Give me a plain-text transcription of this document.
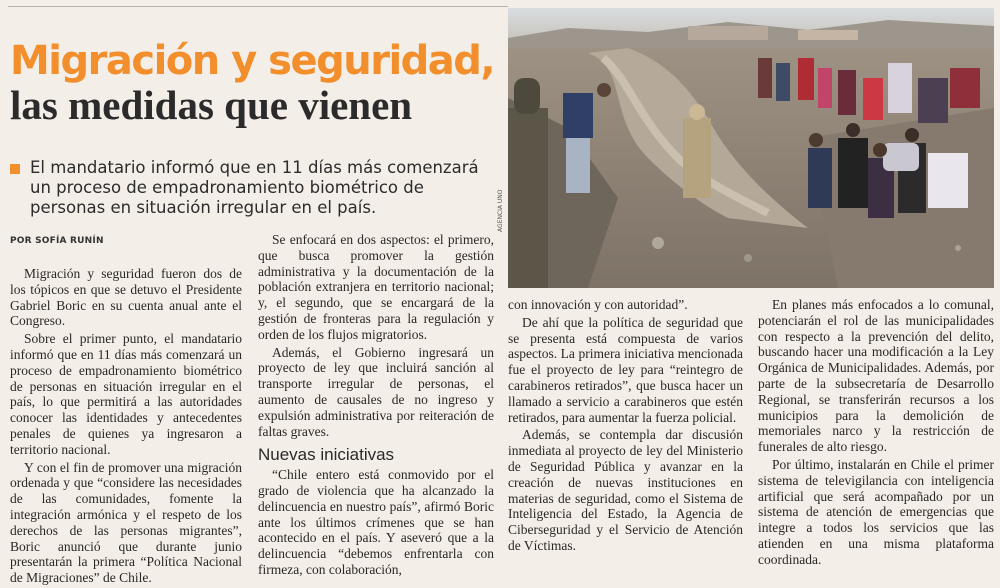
Migración y seguridad, las medidas que vienen

El mandatario informó que en 11 días más comenzará un proceso de empadronamiento biométrico de personas en situación irregular en el país.

POR SOFÍA RUNÍN
AGENCIA UNO

Migración y seguridad fueron dos de los tópicos en que se detuvo el Presidente Gabriel Boric en su cuenta anual ante el Congreso.

Sobre el primer punto, el mandatario informó que en 11 días más comenzará un proceso de empadronamiento biométrico de personas en situación irregular en el país, lo que permitirá a las autoridades conocer las identidades y antecedentes penales de quienes ya ingresaron a territorio nacional.

Y con el fin de promover una migración ordenada y que “considere las necesidades de las comunidades, fomente la integración armónica y el respeto de los derechos de las personas migrantes”, Boric anunció que durante junio presentarán la primera “Política Nacional de Migraciones” de Chile.

Se enfocará en dos aspectos: el primero, que busca promover la gestión administrativa y la documentación de la población extranjera en territorio nacional; y, el segundo, que se encargará de la gestión de fronteras para la regulación y orden de los flujos migratorios.

Además, el Gobierno ingresará un proyecto de ley que incluirá sanción al transporte irregular de personas, el aumento de causales de no ingreso y expulsión administrativa por reiteración de faltas graves.

Nuevas iniciativas

“Chile entero está conmovido por el grado de violencia que ha alcanzado la delincuencia en nuestro país”, afirmó Boric ante los últimos crímenes que se han acontecido en el país. Y aseveró que a la delincuencia “debemos enfrentarla con firmeza, con colaboración,

con innovación y con autoridad”.

De ahí que la política de seguridad que se presenta está compuesta de varios aspectos. La primera iniciativa mencionada fue el proyecto de ley para “reintegro de carabineros retirados”, que busca hacer un llamado a servicio a carabineros que estén retirados, para aumentar la fuerza policial.

Además, se contempla dar discusión inmediata al proyecto de ley del Ministerio de Seguridad Pública y avanzar en la creación de nuevas instituciones en materias de seguridad, como el Sistema de Inteligencia del Estado, la Agencia de Ciberseguridad y el Servicio de Atención de Víctimas.

En planes más enfocados a lo comunal, potenciarán el rol de las municipalidades con respecto a la prevención del delito, buscando hacer una modificación a la Ley Orgánica de Municipalidades. Además, por parte de la subsecretaría de Desarrollo Regional, se transferirán recursos a los municipios para la demolición de memoriales narco y la restricción de funerales de alto riesgo.

Por último, instalarán en Chile el primer sistema de televigilancia con inteligencia artificial que será acompañado por un sistema de atención de emergencias que integre a todos los servicios que las atienden en una misma plataforma coordinada.
